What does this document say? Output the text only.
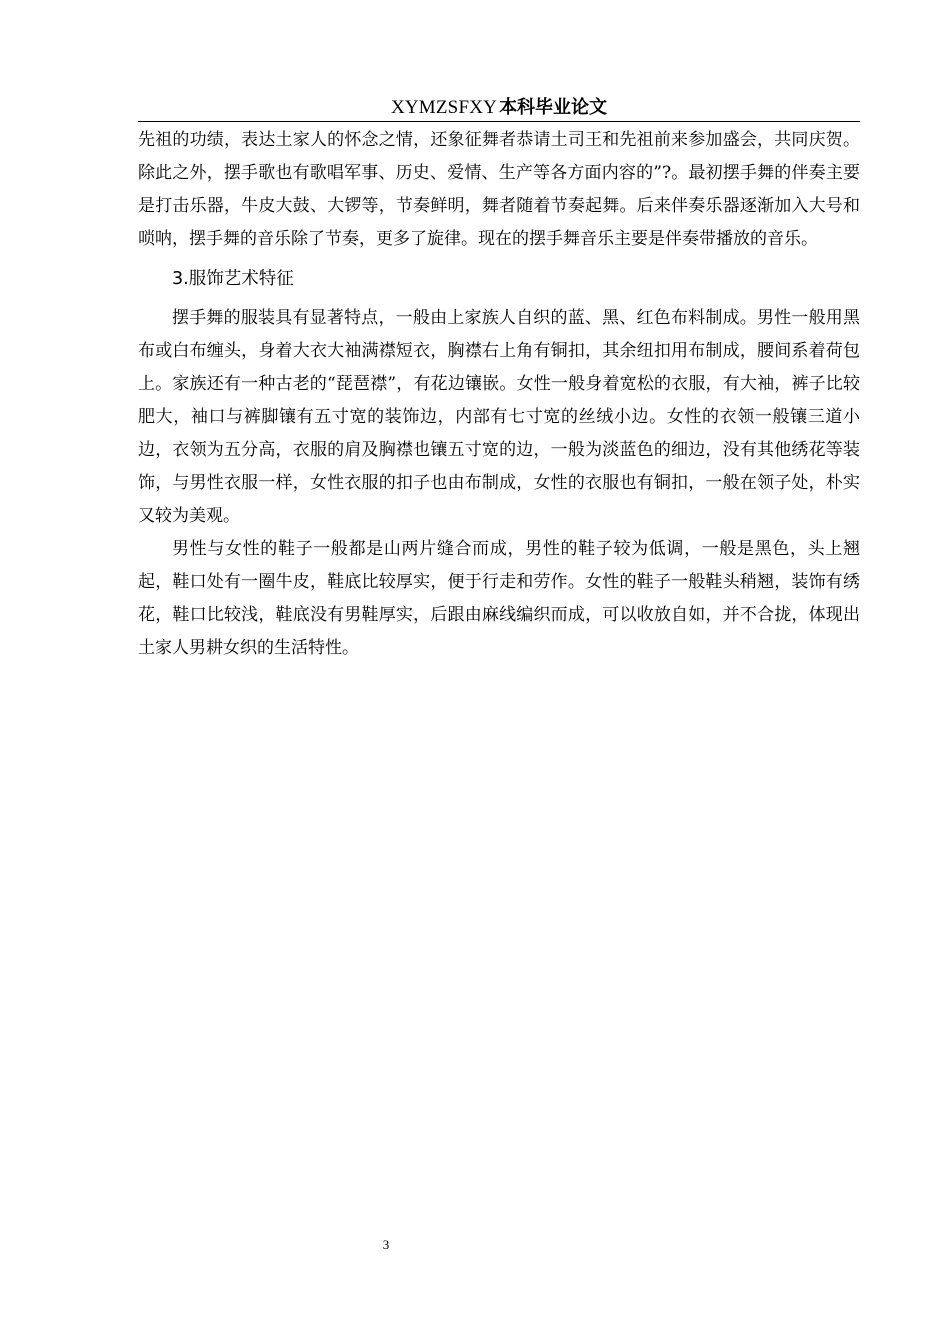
XYMZSFXY 本科毕业论文

先祖的功绩，表达土家人的怀念之情，还象征舞者恭请土司王和先祖前来参加盛会，共同庆贺。除此之外，摆手歌也有歌唱军事、历史、爱情、生产等各方面内容的”?。最初摆手舞的伴奏主要是打击乐器，牛皮大鼓、大锣等，节奏鲜明，舞者随着节奏起舞。后来伴奏乐器逐渐加入大号和唢呐，摆手舞的音乐除了节奏，更多了旋律。现在的摆手舞音乐主要是伴奏带播放的音乐。

3.服饰艺术特征

摆手舞的服装具有显著特点，一般由上家族人自织的蓝、黑、红色布料制成。男性一般用黑布或白布缠头，身着大衣大袖满襟短衣，胸襟右上角有铜扣，其余纽扣用布制成，腰间系着荷包上。家族还有一种古老的“琵琶襟”，有花边镶嵌。女性一般身着宽松的衣服，有大袖，裤子比较肥大，袖口与裤脚镶有五寸宽的装饰边，内部有七寸宽的丝绒小边。女性的衣领一般镶三道小边，衣领为五分高，衣服的肩及胸襟也镶五寸宽的边，一般为淡蓝色的细边，没有其他绣花等装饰，与男性衣服一样，女性衣服的扣子也由布制成，女性的衣服也有铜扣，一般在领子处，朴实又较为美观。

男性与女性的鞋子一般都是山两片缝合而成，男性的鞋子较为低调，一般是黑色，头上翘起，鞋口处有一圈牛皮，鞋底比较厚实，便于行走和劳作。女性的鞋子一般鞋头稍翘，装饰有绣花，鞋口比较浅，鞋底没有男鞋厚实，后跟由麻线编织而成，可以收放自如，并不合拢，体现出土家人男耕女织的生活特性。

3
